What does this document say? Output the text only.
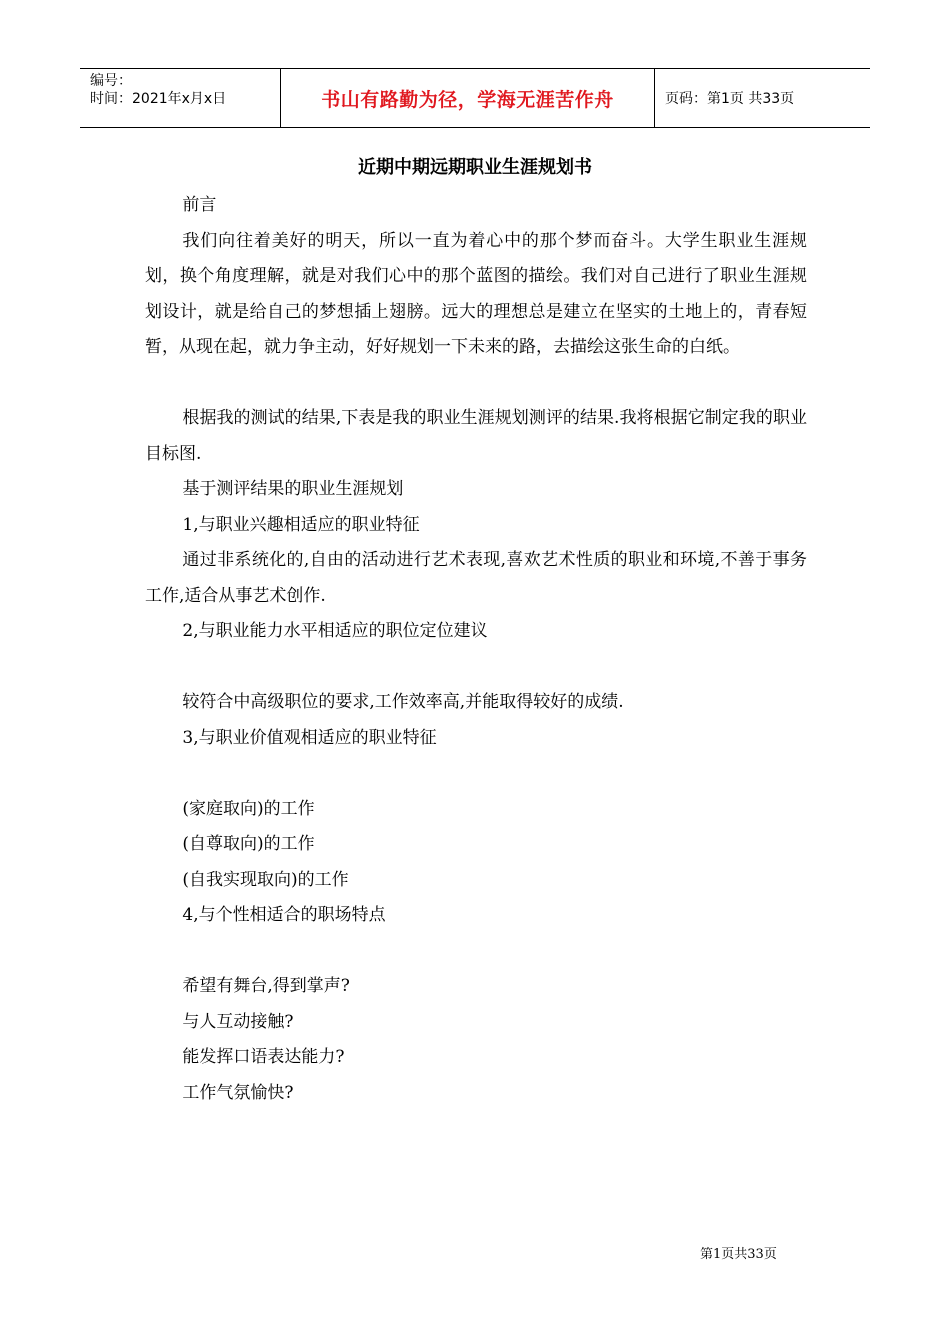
编号：
时间：2021年x月x日	书山有路勤为径，学海无涯苦作舟	页码：第1页 共33页
近期中期远期职业生涯规划书

前言

我们向往着美好的明天，所以一直为着心中的那个梦而奋斗。大学生职业生涯规划，换个角度理解，就是对我们心中的那个蓝图的描绘。我们对自己进行了职业生涯规划设计，就是给自己的梦想插上翅膀。远大的理想总是建立在坚实的土地上的，青春短暂，从现在起，就力争主动，好好规划一下未来的路，去描绘这张生命的白纸。

根据我的测试的结果,下表是我的职业生涯规划测评的结果.我将根据它制定我的职业目标图.

基于测评结果的职业生涯规划

1,与职业兴趣相适应的职业特征

通过非系统化的,自由的活动进行艺术表现,喜欢艺术性质的职业和环境,不善于事务工作,适合从事艺术创作.

2,与职业能力水平相适应的职位定位建议

较符合中高级职位的要求,工作效率高,并能取得较好的成绩.

3,与职业价值观相适应的职业特征

(家庭取向)的工作

(自尊取向)的工作

(自我实现取向)的工作

4,与个性相适合的职场特点

希望有舞台,得到掌声?

与人互动接触?

能发挥口语表达能力?

工作气氛愉快?

第1页共33页
